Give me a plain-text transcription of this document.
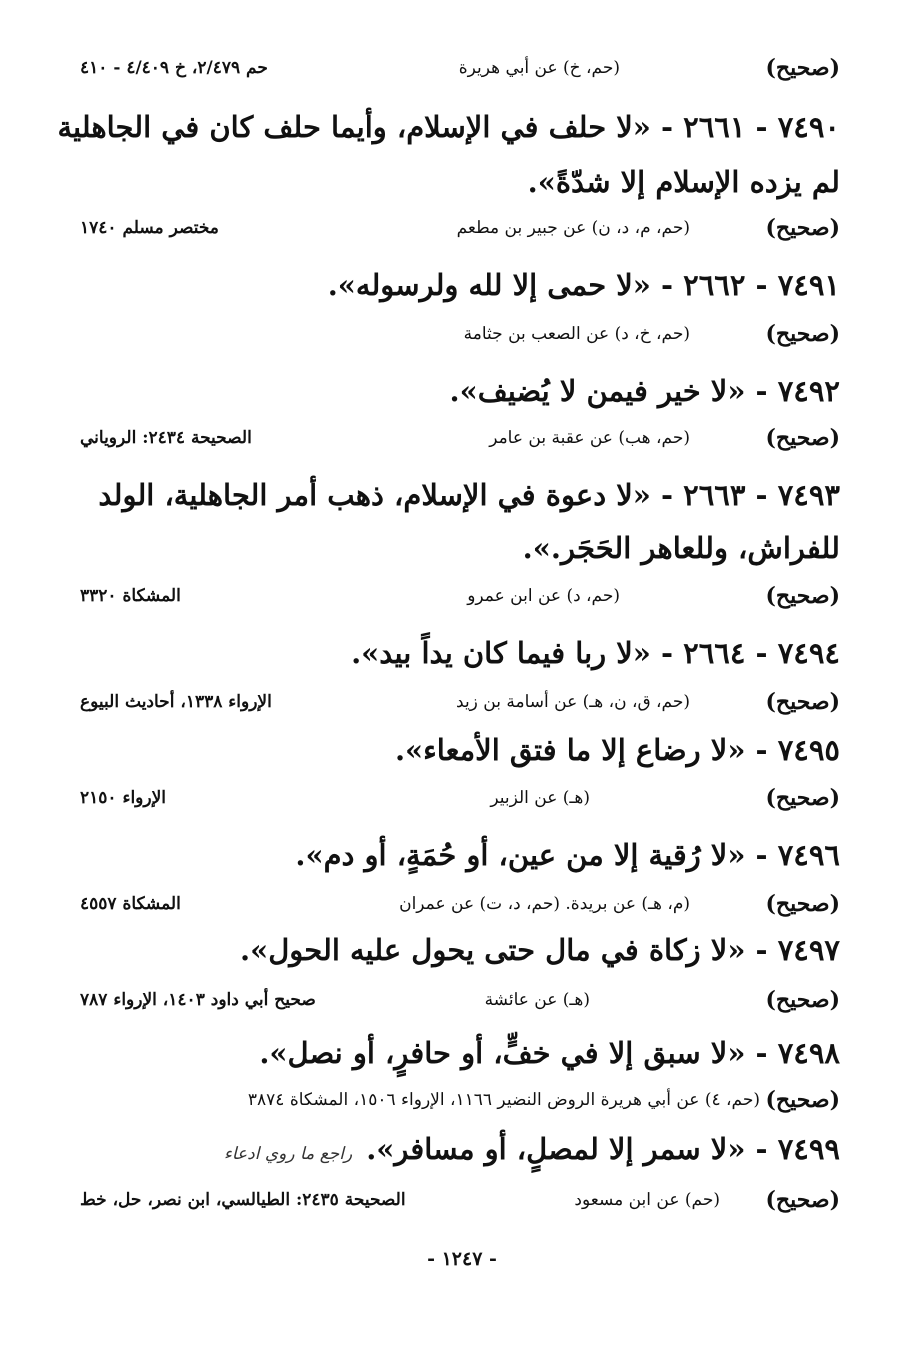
(صحيح)
(حم، خ) عن أبي هريرة
حم ٢/٤٧٩، خ ٤/٤٠٩ - ٤١٠
٧٤٩٠ - ٢٦٦١ - «لا حلف في الإسلام، وأيما حلف كان في الجاهلية
لم يزده الإسلام إلا شدّةً».
(صحيح)
(حم، م، د، ن) عن جبير بن مطعم
مختصر مسلم ١٧٤٠
٧٤٩١ - ٢٦٦٢ - «لا حمى إلا لله ولرسوله».
(صحيح)
(حم، خ، د) عن الصعب بن جثامة
٧٤٩٢ - «لا خير فيمن لا يُضيف».
(صحيح)
(حم، هب) عن عقبة بن عامر
الصحيحة ٢٤٣٤: الروياني
٧٤٩٣ - ٢٦٦٣ - «لا دعوة في الإسلام، ذهب أمر الجاهلية، الولد
للفراش، وللعاهر الحَجَر.».
(صحيح)
(حم، د) عن ابن عمرو
المشكاة ٣٣٢٠
٧٤٩٤ - ٢٦٦٤ - «لا ربا فيما كان يداً بيد».
(صحيح)
(حم، ق، ن، هـ) عن أسامة بن زيد
الإرواء ١٣٣٨، أحاديث البيوع
٧٤٩٥ - «لا رضاع إلا ما فتق الأمعاء».
(صحيح)
(هـ) عن الزبير
الإرواء ٢١٥٠
٧٤٩٦ - «لا رُقية إلا من عين، أو حُمَةٍ، أو دم».
(صحيح)
(م، هـ) عن بريدة. (حم، د، ت) عن عمران
المشكاة ٤٥٥٧
٧٤٩٧ - «لا زكاة في مال حتى يحول عليه الحول».
(صحيح)
(هـ) عن عائشة
صحيح أبي داود ١٤٠٣، الإرواء ٧٨٧
٧٤٩٨ - «لا سبق إلا في خفٍّ، أو حافرٍ، أو نصل».
(صحيح)
(حم، ٤) عن أبي هريرة الروض النضير ١١٦٦، الإرواء ١٥٠٦، المشكاة ٣٨٧٤
٧٤٩٩ - «لا سمر إلا لمصلٍ، أو مسافر».راجع ما روي ادعاء
(صحيح)
(حم) عن ابن مسعود
الصحيحة ٢٤٣٥: الطيالسي، ابن نصر، حل، خط
- ١٢٤٧ -
